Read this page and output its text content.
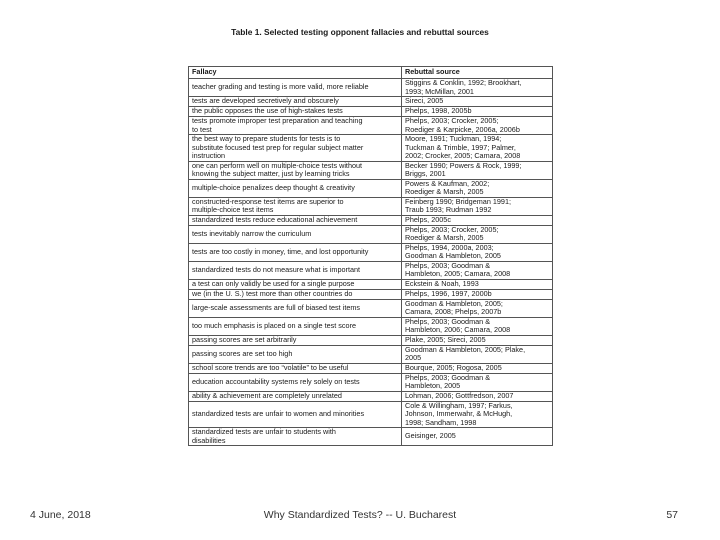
Table 1. Selected testing opponent fallacies and rebuttal sources
Fallacy	Rebuttal source
teacher grading and testing is more valid, more reliable	Stiggins & Conklin, 1992; Brookhart,
1993; McMillan, 2001
tests are developed secretively and obscurely	Sireci, 2005
the public opposes the use of high-stakes tests	Phelps, 1998, 2005b
tests promote improper test preparation and teaching
to test	Phelps, 2003; Crocker, 2005;
Roediger & Karpicke, 2006a, 2006b
the best way to prepare students for tests is to
substitute focused test prep for regular subject matter
instruction	Moore, 1991; Tuckman, 1994;
Tuckman & Trimble, 1997; Palmer,
2002; Crocker, 2005; Camara, 2008
one can perform well on multiple-choice tests without
knowing the subject matter, just by learning tricks	Becker 1990; Powers & Rock, 1999;
Briggs, 2001
multiple-choice penalizes deep thought & creativity	Powers & Kaufman, 2002;
Roediger & Marsh, 2005
constructed-response test items are superior to
multiple-choice test items	Feinberg 1990; Bridgeman 1991;
Traub 1993; Rudman 1992
standardized tests reduce educational achievement	Phelps, 2005c
tests inevitably narrow the curriculum	Phelps, 2003; Crocker, 2005;
Roediger & Marsh, 2005
tests are too costly in money, time, and lost opportunity	Phelps, 1994, 2000a, 2003;
Goodman & Hambleton, 2005
standardized tests do not measure what is important	Phelps, 2003; Goodman &
Hambleton, 2005; Camara, 2008
a test can only validly be used for a single purpose	Eckstein & Noah, 1993
we (in the U. S.) test more than other countries do	Phelps, 1996, 1997, 2000b
large-scale assessments are full of biased test items	Goodman & Hambleton, 2005;
Camara, 2008; Phelps, 2007b
too much emphasis is placed on a single test score	Phelps, 2003; Goodman &
Hambleton, 2006; Camara, 2008
passing scores are set arbitrarily	Plake, 2005; Sireci, 2005
passing scores are set too high	Goodman & Hambleton, 2005; Plake,
2005
school score trends are too “volatile” to be useful	Bourque, 2005; Rogosa, 2005
education accountability systems rely solely on tests	Phelps, 2003; Goodman &
Hambleton, 2005
ability & achievement are completely unrelated	Lohman, 2006; Gottfredson, 2007
standardized tests are unfair to women and minorities	Cole & Willingham, 1997; Farkus,
Johnson, Immerwahr, & McHugh,
1998; Sandham, 1998
standardized tests are unfair to students with
disabilities	Geisinger, 2005
4 June, 2018	Why Standardized Tests? -- U. Bucharest	57
